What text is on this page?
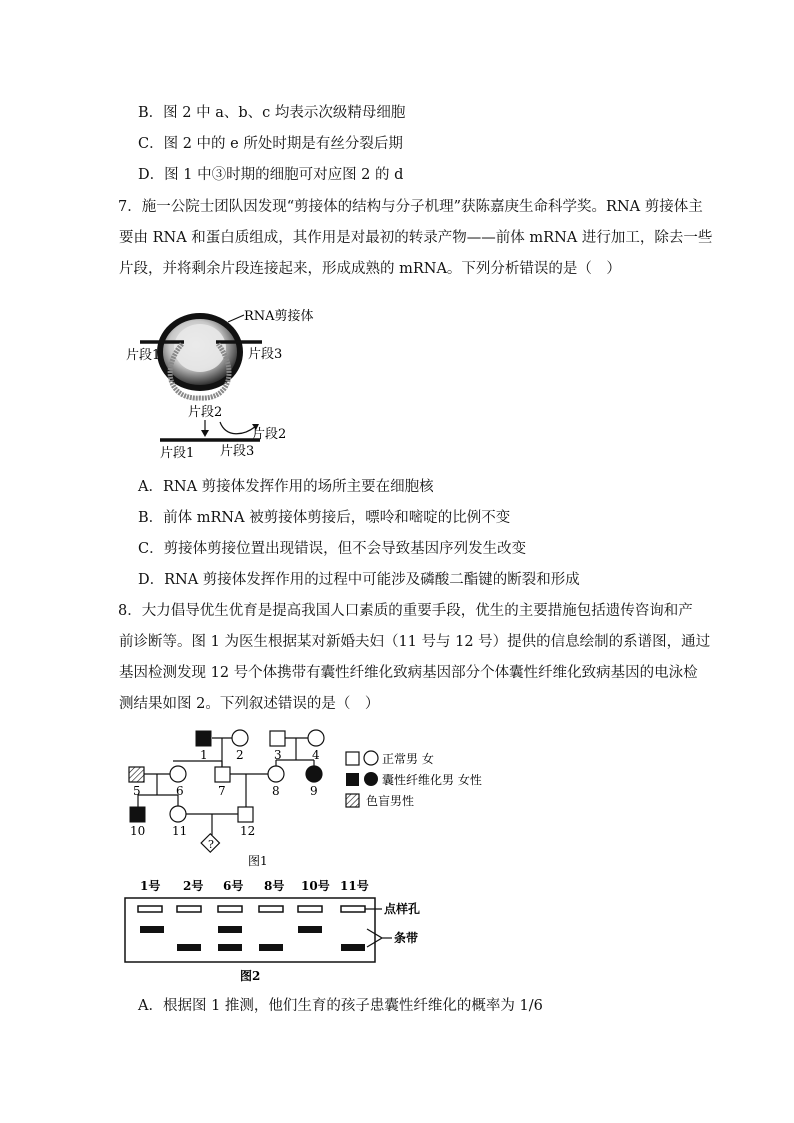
B．图 2 中 a、b、c 均表示次级精母细胞
C．图 2 中的 e 所处时期是有丝分裂后期
D．图 1 中③时期的细胞可对应图 2 的 d
7．施一公院士团队因发现“剪接体的结构与分子机理”获陈嘉庚生命科学奖。RNA 剪接体主
要由 RNA 和蛋白质组成，其作用是对最初的转录产物——前体 mRNA 进行加工，除去一些
片段，并将剩余片段连接起来，形成成熟的 mRNA。下列分析错误的是（　）
RNA剪接体
片段1	片段3
片段2
片段2
片段1 片段3
A．RNA 剪接体发挥作用的场所主要在细胞核
B．前体 mRNA 被剪接体剪接后，嘌呤和嘧啶的比例不变
C．剪接体剪接位置出现错误，但不会导致基因序列发生改变
D．RNA 剪接体发挥作用的过程中可能涉及磷酸二酯键的断裂和形成
8．大力倡导优生优育是提高我国人口素质的重要手段，优生的主要措施包括遗传咨询和产
前诊断等。图 1 为医生根据某对新婚夫妇（11 号与 12 号）提供的信息绘制的系谱图，通过
基因检测发现 12 号个体携带有囊性纤维化致病基因部分个体囊性纤维化致病基因的电泳检
测结果如图 2。下列叙述错误的是（　）
?
1 2	3	4
5	6	7	8	9
10 11	12
图1
正常男 女
囊性纤维化男 女性
色盲男性
1号 2号 6号 8号 10号 11号
点样孔
条带
图2
A．根据图 1 推测，他们生育的孩子患囊性纤维化的概率为 1/6
